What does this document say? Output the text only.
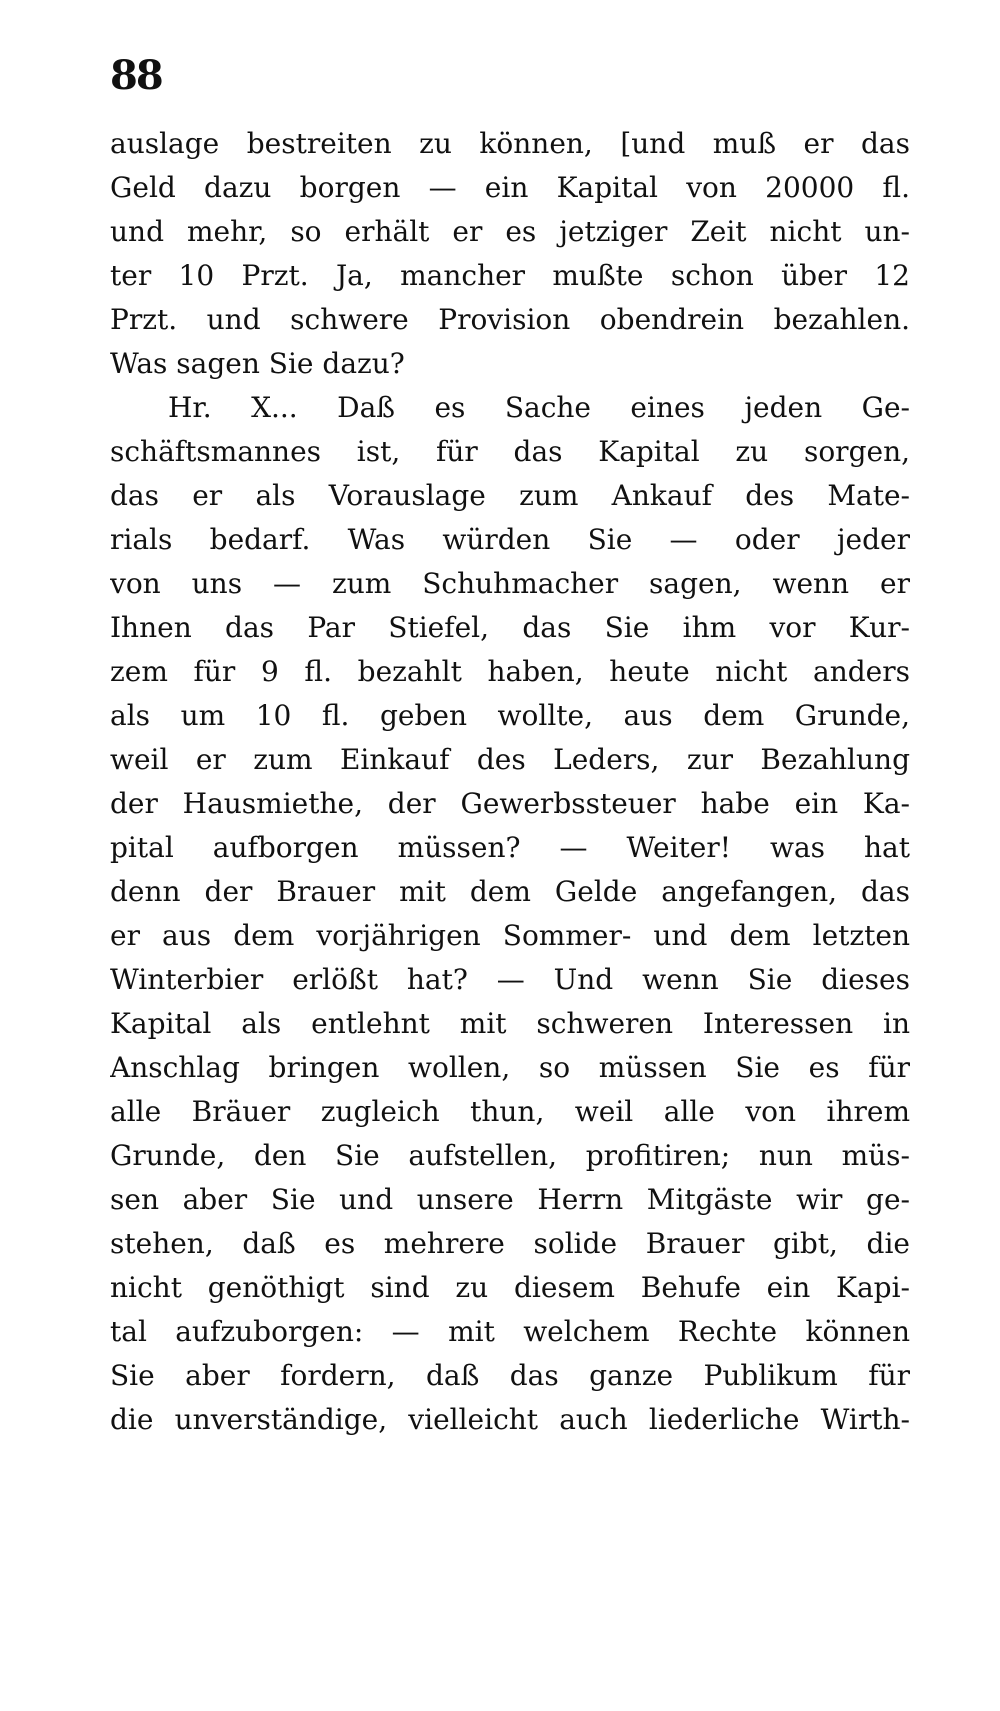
88
auslage bestreiten zu können, [und muß er das
Geld dazu borgen — ein Kapital von 20000 fl.
und mehr, so erhält er es jetziger Zeit nicht un-
ter 10 Przt. Ja, mancher mußte schon über 12
Przt. und schwere Provision obendrein bezahlen.
Was sagen Sie dazu?
Hr. X... Daß es Sache eines jeden Ge-
schäftsmannes ist, für das Kapital zu sorgen,
das er als Vorauslage zum Ankauf des Mate-
rials bedarf. Was würden Sie — oder jeder
von uns — zum Schuhmacher sagen, wenn er
Ihnen das Par Stiefel, das Sie ihm vor Kur-
zem für 9 fl. bezahlt haben, heute nicht anders
als um 10 fl. geben wollte, aus dem Grunde,
weil er zum Einkauf des Leders, zur Bezahlung
der Hausmiethe, der Gewerbssteuer habe ein Ka-
pital aufborgen müssen? — Weiter! was hat
denn der Brauer mit dem Gelde angefangen, das
er aus dem vorjährigen Sommer- und dem letzten
Winterbier erlößt hat? — Und wenn Sie dieses
Kapital als entlehnt mit schweren Interessen in
Anschlag bringen wollen, so müssen Sie es für
alle Bräuer zugleich thun, weil alle von ihrem
Grunde, den Sie aufstellen, profitiren; nun müs-
sen aber Sie und unsere Herrn Mitgäste wir ge-
stehen, daß es mehrere solide Brauer gibt, die
nicht genöthigt sind zu diesem Behufe ein Kapi-
tal aufzuborgen: — mit welchem Rechte können
Sie aber fordern, daß das ganze Publikum für
die unverständige, vielleicht auch liederliche Wirth-
